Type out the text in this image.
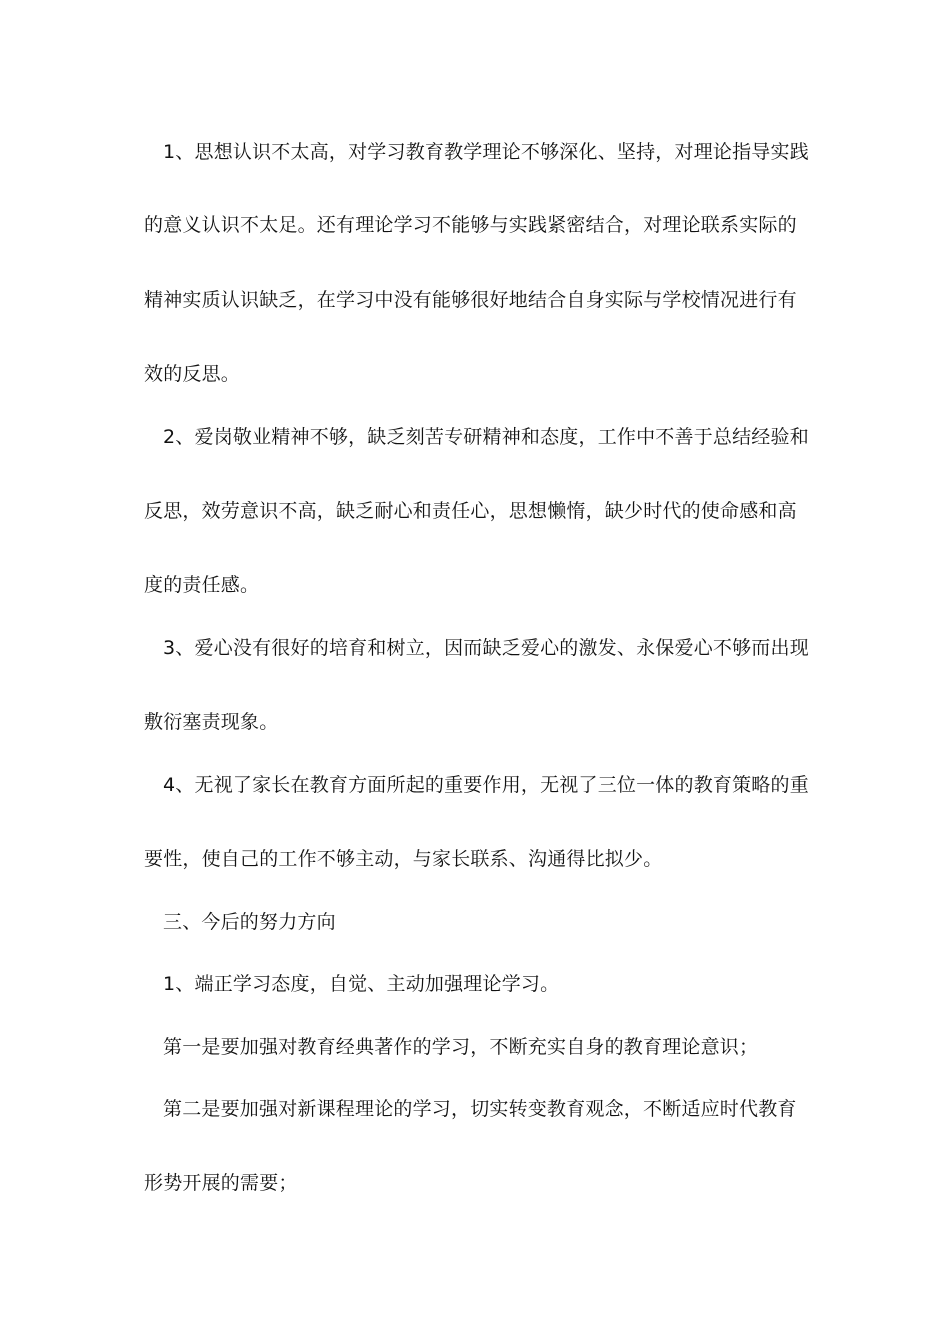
1、思想认识不太高，对学习教育教学理论不够深化、坚持，对理论指导实践
的意义认识不太足。还有理论学习不能够与实践紧密结合，对理论联系实际的
精神实质认识缺乏，在学习中没有能够很好地结合自身实际与学校情况进行有
效的反思。
2、爱岗敬业精神不够，缺乏刻苦专研精神和态度，工作中不善于总结经验和
反思，效劳意识不高，缺乏耐心和责任心，思想懒惰，缺少时代的使命感和高
度的责任感。
3、爱心没有很好的培育和树立，因而缺乏爱心的激发、永保爱心不够而出现
敷衍塞责现象。
4、无视了家长在教育方面所起的重要作用，无视了三位一体的教育策略的重
要性，使自己的工作不够主动，与家长联系、沟通得比拟少。
三、今后的努力方向
1、端正学习态度，自觉、主动加强理论学习。
第一是要加强对教育经典著作的学习，不断充实自身的教育理论意识；
第二是要加强对新课程理论的学习，切实转变教育观念，不断适应时代教育
形势开展的需要；
